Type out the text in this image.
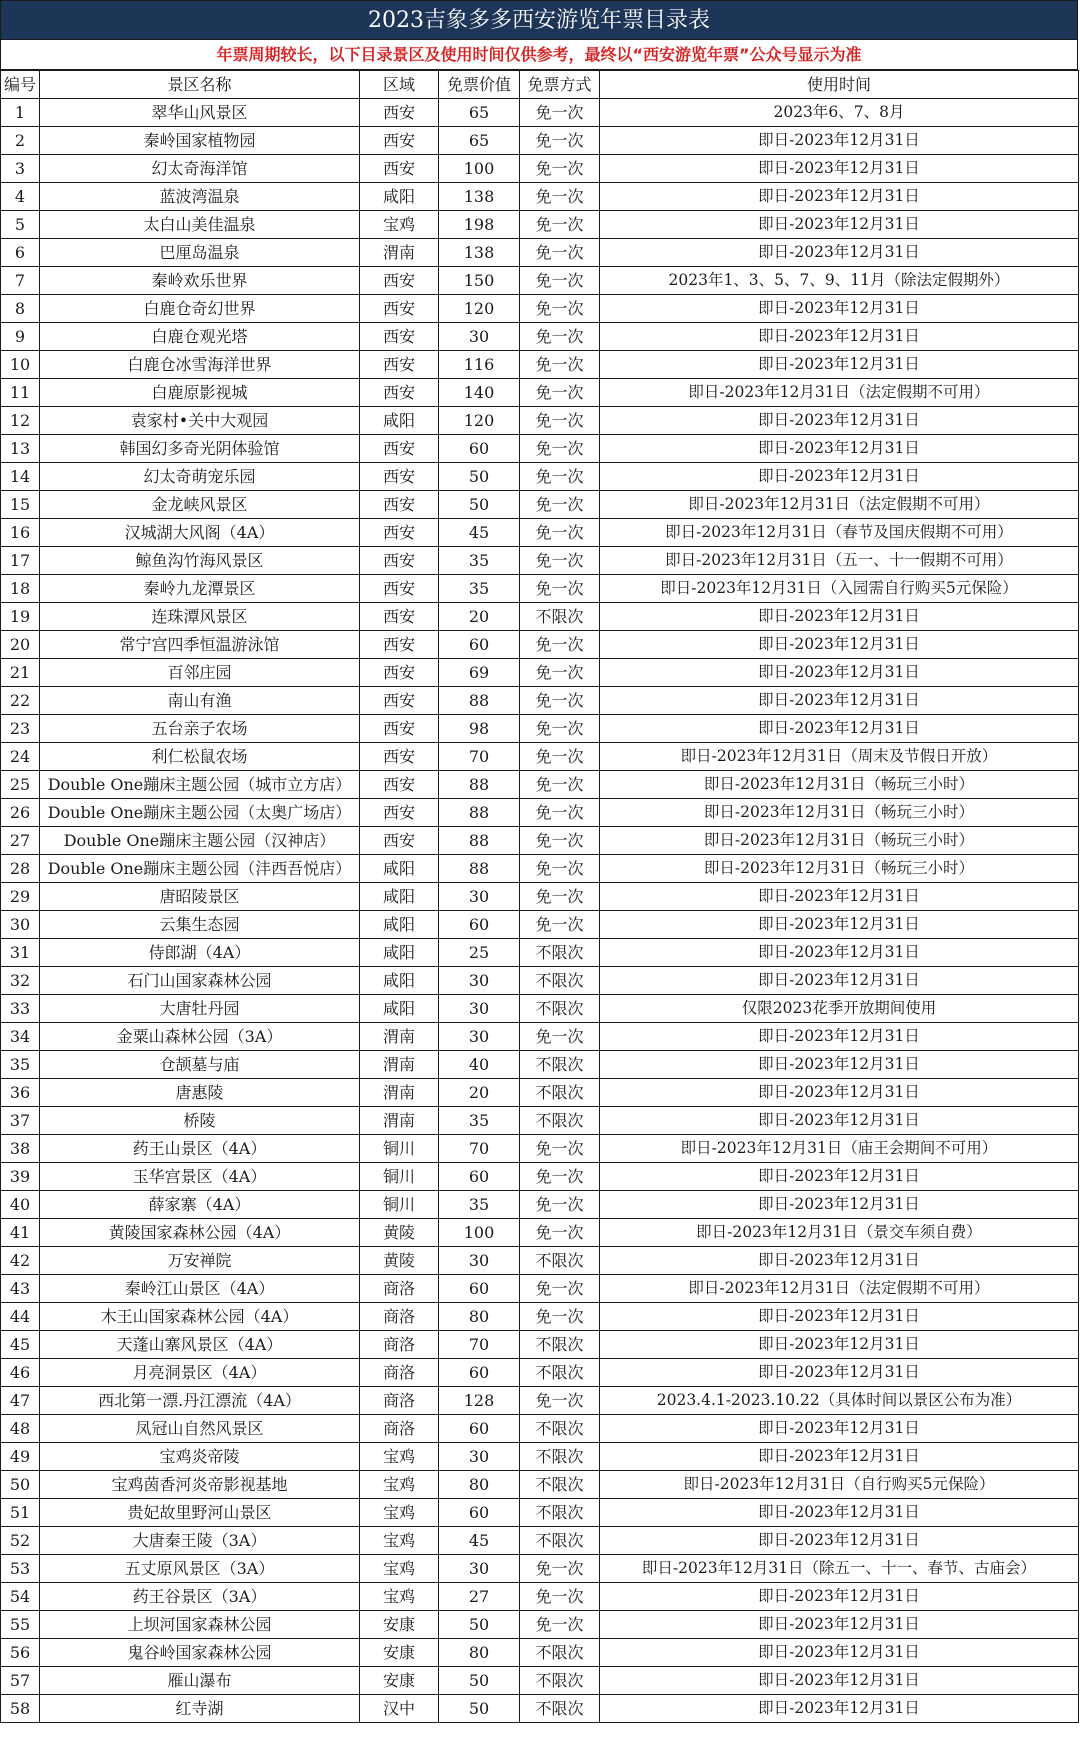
2023吉象多多西安游览年票目录表
年票周期较长，以下目录景区及使用时间仅供参考，最终以“西安游览年票”公众号显示为准
编号	景区名称	区域	免票价值	免票方式	使用时间
1	翠华山风景区	西安	65	免一次	2023年6、7、8月
2	秦岭国家植物园	西安	65	免一次	即日-2023年12月31日
3	幻太奇海洋馆	西安	100	免一次	即日-2023年12月31日
4	蓝波湾温泉	咸阳	138	免一次	即日-2023年12月31日
5	太白山美佳温泉	宝鸡	198	免一次	即日-2023年12月31日
6	巴厘岛温泉	渭南	138	免一次	即日-2023年12月31日
7	秦岭欢乐世界	西安	150	免一次	2023年1、3、5、7、9、11月（除法定假期外）
8	白鹿仓奇幻世界	西安	120	免一次	即日-2023年12月31日
9	白鹿仓观光塔	西安	30	免一次	即日-2023年12月31日
10	白鹿仓冰雪海洋世界	西安	116	免一次	即日-2023年12月31日
11	白鹿原影视城	西安	140	免一次	即日-2023年12月31日（法定假期不可用）
12	袁家村•关中大观园	咸阳	120	免一次	即日-2023年12月31日
13	韩国幻多奇光阴体验馆	西安	60	免一次	即日-2023年12月31日
14	幻太奇萌宠乐园	西安	50	免一次	即日-2023年12月31日
15	金龙峡风景区	西安	50	免一次	即日-2023年12月31日（法定假期不可用）
16	汉城湖大风阁（4A）	西安	45	免一次	即日-2023年12月31日（春节及国庆假期不可用）
17	鲸鱼沟竹海风景区	西安	35	免一次	即日-2023年12月31日（五一、十一假期不可用）
18	秦岭九龙潭景区	西安	35	免一次	即日-2023年12月31日（入园需自行购买5元保险）
19	连珠潭风景区	西安	20	不限次	即日-2023年12月31日
20	常宁宫四季恒温游泳馆	西安	60	免一次	即日-2023年12月31日
21	百邻庄园	西安	69	免一次	即日-2023年12月31日
22	南山有渔	西安	88	免一次	即日-2023年12月31日
23	五台亲子农场	西安	98	免一次	即日-2023年12月31日
24	利仁松鼠农场	西安	70	免一次	即日-2023年12月31日（周末及节假日开放）
25	Double One蹦床主题公园（城市立方店）	西安	88	免一次	即日-2023年12月31日（畅玩三小时）
26	Double One蹦床主题公园（太奥广场店）	西安	88	免一次	即日-2023年12月31日（畅玩三小时）
27	Double One蹦床主题公园（汉神店）	西安	88	免一次	即日-2023年12月31日（畅玩三小时）
28	Double One蹦床主题公园（沣西吾悦店）	咸阳	88	免一次	即日-2023年12月31日（畅玩三小时）
29	唐昭陵景区	咸阳	30	免一次	即日-2023年12月31日
30	云集生态园	咸阳	60	免一次	即日-2023年12月31日
31	侍郎湖（4A）	咸阳	25	不限次	即日-2023年12月31日
32	石门山国家森林公园	咸阳	30	不限次	即日-2023年12月31日
33	大唐牡丹园	咸阳	30	不限次	仅限2023花季开放期间使用
34	金粟山森林公园（3A）	渭南	30	免一次	即日-2023年12月31日
35	仓颉墓与庙	渭南	40	不限次	即日-2023年12月31日
36	唐惠陵	渭南	20	不限次	即日-2023年12月31日
37	桥陵	渭南	35	不限次	即日-2023年12月31日
38	药王山景区（4A）	铜川	70	免一次	即日-2023年12月31日（庙王会期间不可用）
39	玉华宫景区（4A）	铜川	60	免一次	即日-2023年12月31日
40	薛家寨（4A）	铜川	35	免一次	即日-2023年12月31日
41	黄陵国家森林公园（4A）	黄陵	100	免一次	即日-2023年12月31日（景交车须自费）
42	万安禅院	黄陵	30	不限次	即日-2023年12月31日
43	秦岭江山景区（4A）	商洛	60	免一次	即日-2023年12月31日（法定假期不可用）
44	木王山国家森林公园（4A）	商洛	80	免一次	即日-2023年12月31日
45	天蓬山寨风景区（4A）	商洛	70	不限次	即日-2023年12月31日
46	月亮洞景区（4A）	商洛	60	不限次	即日-2023年12月31日
47	西北第一漂.丹江漂流（4A）	商洛	128	免一次	2023.4.1-2023.10.22（具体时间以景区公布为准）
48	凤冠山自然风景区	商洛	60	不限次	即日-2023年12月31日
49	宝鸡炎帝陵	宝鸡	30	不限次	即日-2023年12月31日
50	宝鸡茵香河炎帝影视基地	宝鸡	80	不限次	即日-2023年12月31日（自行购买5元保险）
51	贵妃故里野河山景区	宝鸡	60	不限次	即日-2023年12月31日
52	大唐秦王陵（3A）	宝鸡	45	不限次	即日-2023年12月31日
53	五丈原风景区（3A）	宝鸡	30	免一次	即日-2023年12月31日（除五一、十一、春节、古庙会）
54	药王谷景区（3A）	宝鸡	27	免一次	即日-2023年12月31日
55	上坝河国家森林公园	安康	50	免一次	即日-2023年12月31日
56	鬼谷岭国家森林公园	安康	80	不限次	即日-2023年12月31日
57	雁山瀑布	安康	50	不限次	即日-2023年12月31日
58	红寺湖	汉中	50	不限次	即日-2023年12月31日
